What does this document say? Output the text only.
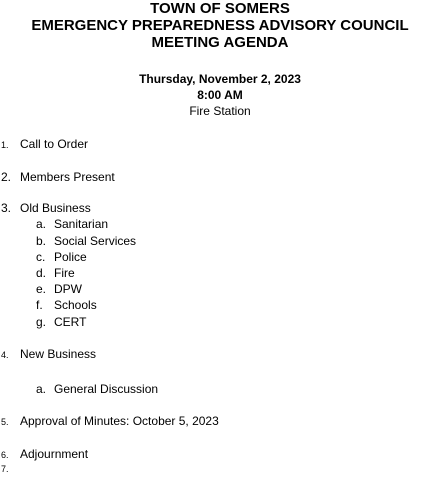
TOWN OF SOMERS
EMERGENCY PREPAREDNESS ADVISORY COUNCIL
MEETING AGENDA
Thursday, November 2, 2023
8:00 AM
Fire Station
1. Call to Order
2. Members Present
3. Old Business
a. Sanitarian
b. Social Services
c. Police
d. Fire
e. DPW
f. Schools
g. CERT
4. New Business
a. General Discussion
5. Approval of Minutes: October 5, 2023
6. Adjournment
7.
